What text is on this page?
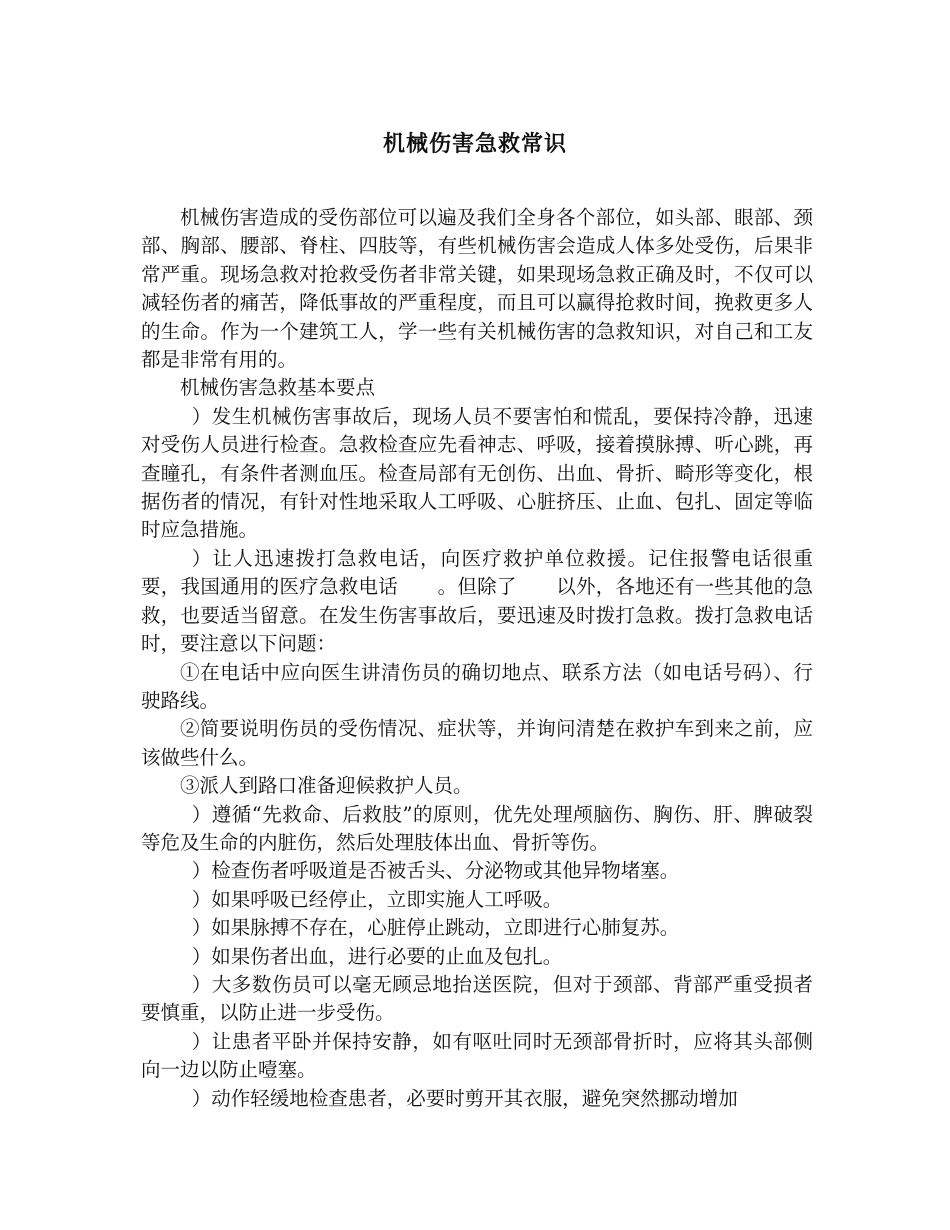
机械伤害急救常识

机械伤害造成的受伤部位可以遍及我们全身各个部位，如头部、眼部、颈部、胸部、腰部、脊柱、四肢等，有些机械伤害会造成人体多处受伤，后果非常严重。现场急救对抢救受伤者非常关键，如果现场急救正确及时，不仅可以减轻伤者的痛苦，降低事故的严重程度，而且可以赢得抢救时间，挽救更多人的生命。作为一个建筑工人，学一些有关机械伤害的急救知识，对自己和工友都是非常有用的。

机械伤害急救基本要点

）发生机械伤害事故后，现场人员不要害怕和慌乱，要保持冷静，迅速对受伤人员进行检查。急救检查应先看神志、呼吸，接着摸脉搏、听心跳，再查瞳孔，有条件者测血压。检查局部有无创伤、出血、骨折、畸形等变化，根据伤者的情况，有针对性地采取人工呼吸、心脏挤压、止血、包扎、固定等临时应急措施。

）让人迅速拨打急救电话，向医疗救护单位救援。记住报警电话很重要，我国通用的医疗急救电话　　。但除了　　以外，各地还有一些其他的急救，也要适当留意。在发生伤害事故后，要迅速及时拨打急救。拨打急救电话时，要注意以下问题：

①在电话中应向医生讲清伤员的确切地点、联系方法（如电话号码）、行驶路线。

②简要说明伤员的受伤情况、症状等，并询问清楚在救护车到来之前，应该做些什么。

③派人到路口准备迎候救护人员。

）遵循“先救命、后救肢”的原则，优先处理颅脑伤、胸伤、肝、脾破裂等危及生命的内脏伤，然后处理肢体出血、骨折等伤。

）检查伤者呼吸道是否被舌头、分泌物或其他异物堵塞。

）如果呼吸已经停止，立即实施人工呼吸。

）如果脉搏不存在，心脏停止跳动，立即进行心肺复苏。

）如果伤者出血，进行必要的止血及包扎。

）大多数伤员可以毫无顾忌地抬送医院，但对于颈部、背部严重受损者要慎重，以防止进一步受伤。

）让患者平卧并保持安静，如有呕吐同时无颈部骨折时，应将其头部侧向一边以防止噎塞。

）动作轻缓地检查患者，必要时剪开其衣服，避免突然挪动增加
